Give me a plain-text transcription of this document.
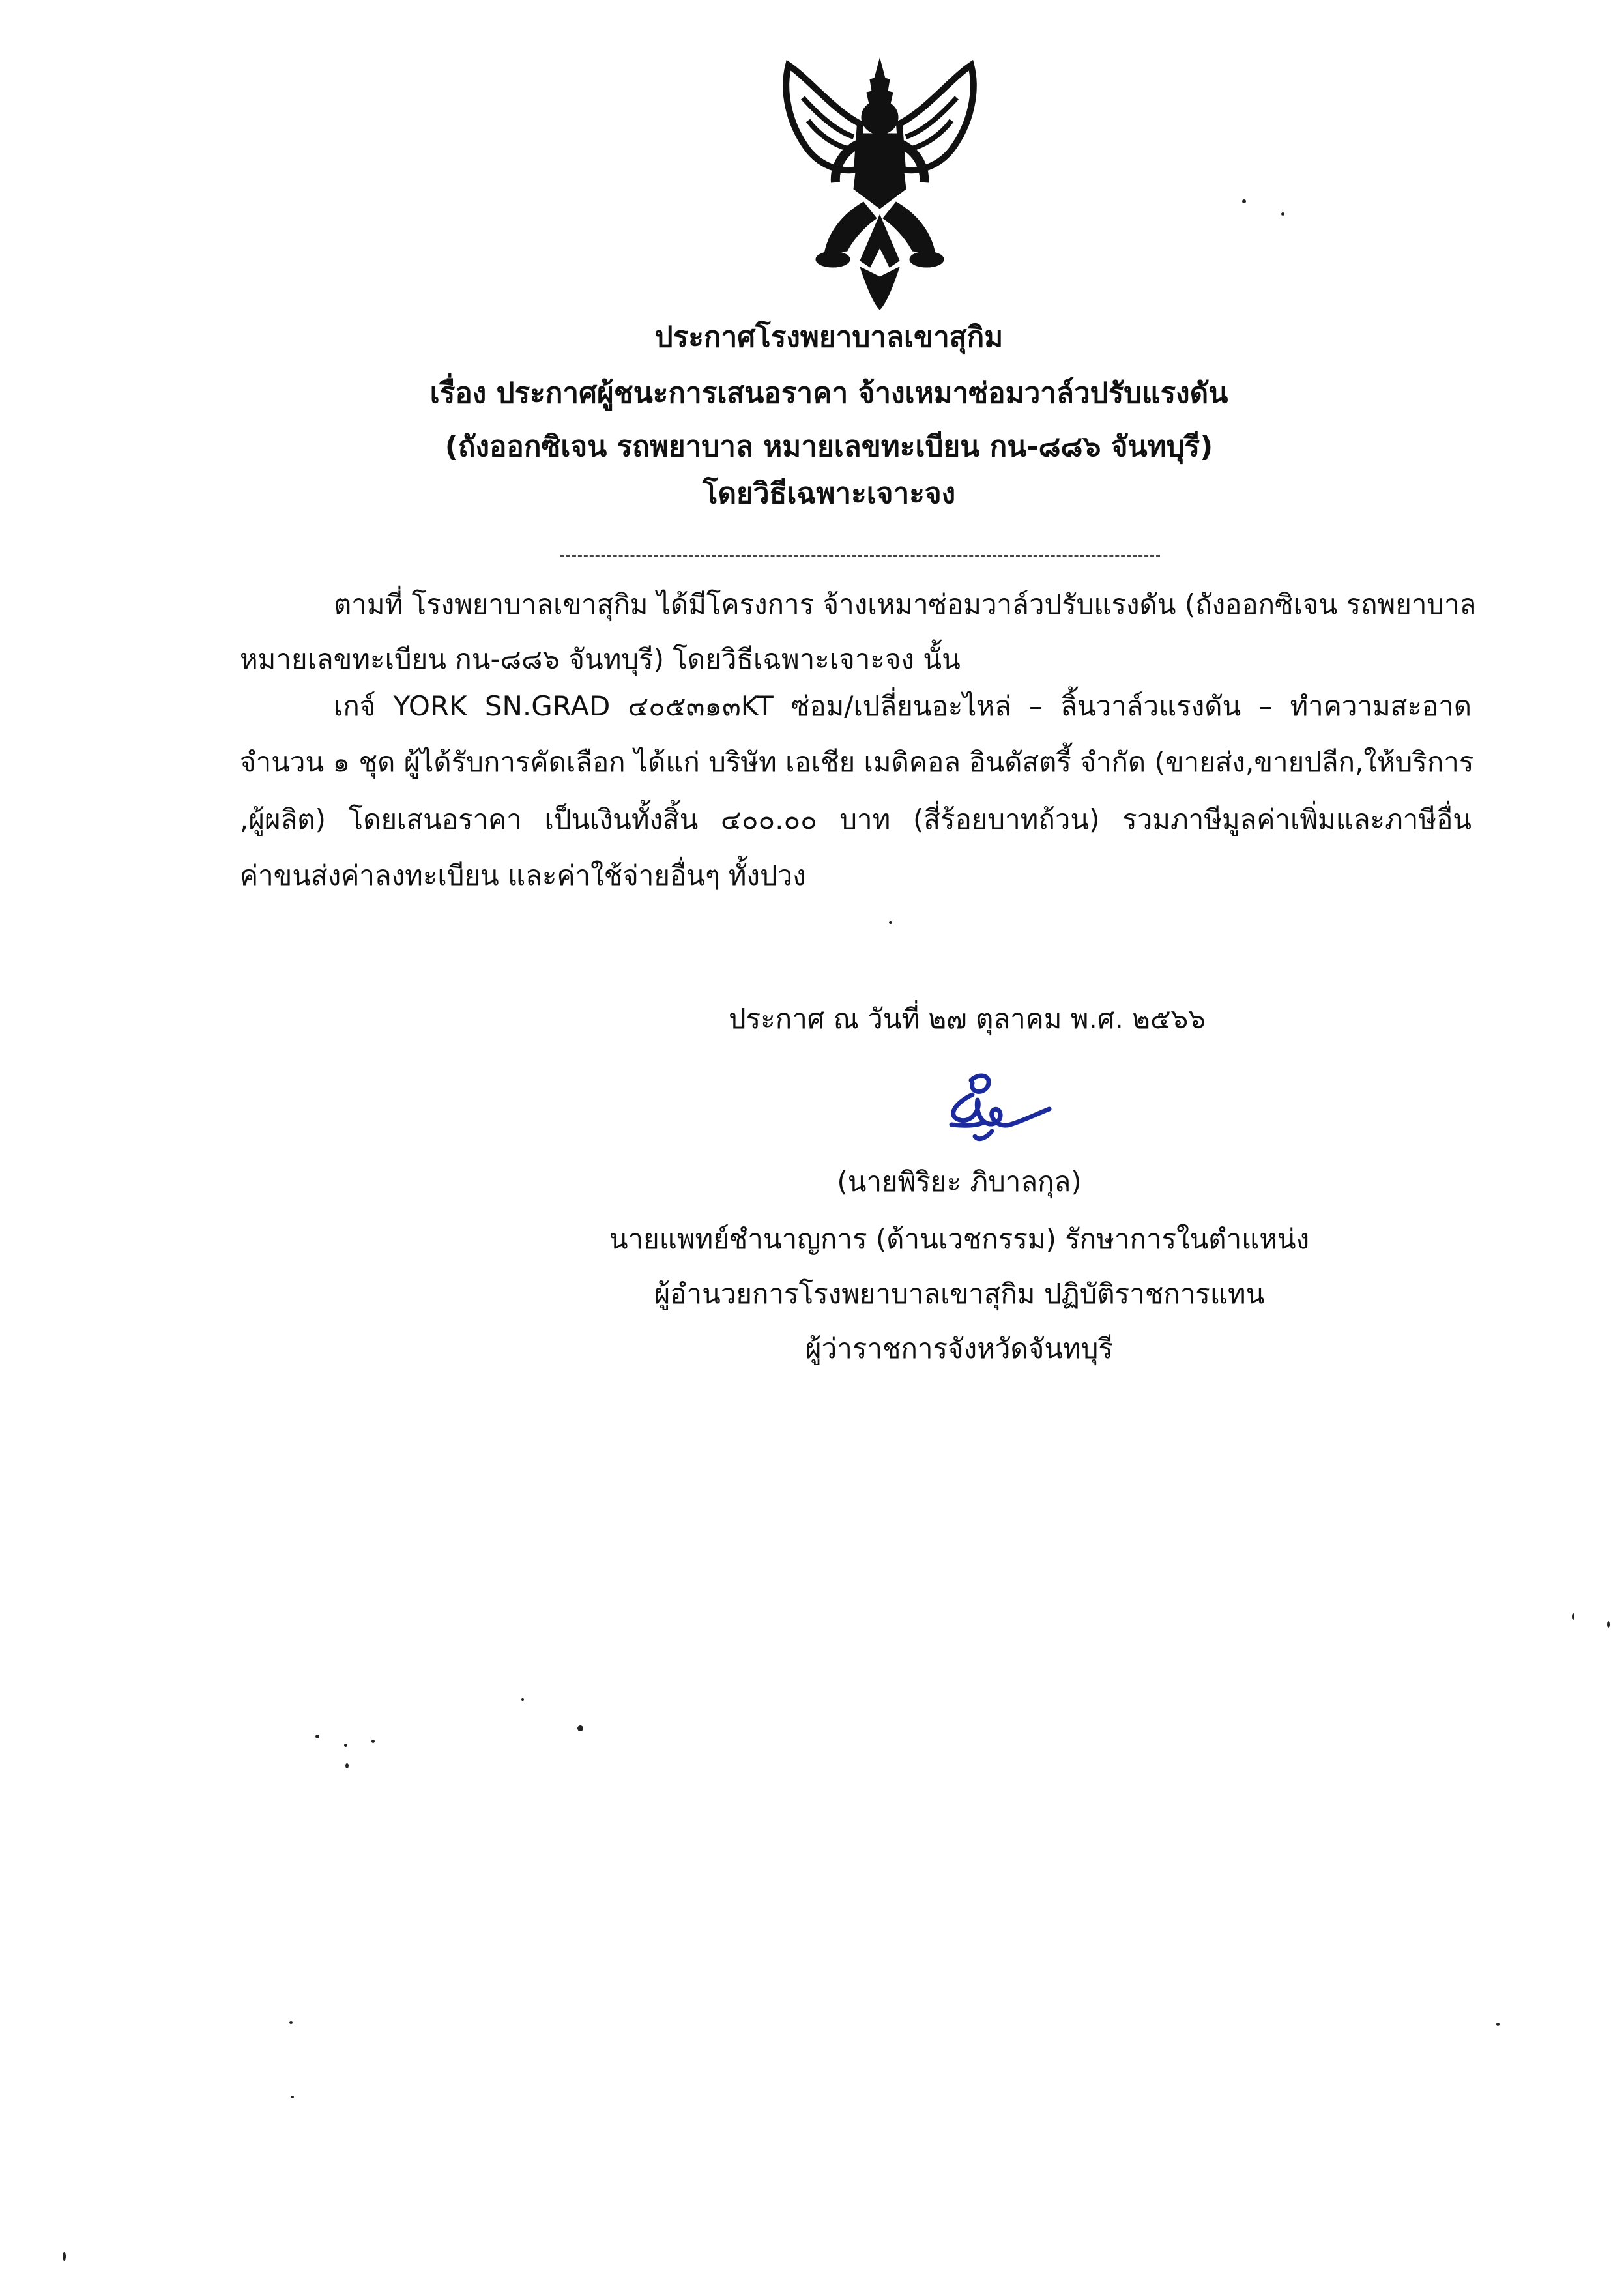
ประกาศโรงพยาบาลเขาสุกิม
เรื่อง ประกาศผู้ชนะการเสนอราคา จ้างเหมาซ่อมวาล์วปรับแรงดัน
(ถังออกซิเจน รถพยาบาล หมายเลขทะเบียน กน-๘๘๖ จันทบุรี)
โดยวิธีเฉพาะเจาะจง
ตามที่ โรงพยาบาลเขาสุกิม ได้มีโครงการ จ้างเหมาซ่อมวาล์วปรับแรงดัน (ถังออกซิเจน รถพยาบาล
หมายเลขทะเบียน กน-๘๘๖ จันทบุรี) โดยวิธีเฉพาะเจาะจง นั้น
เกจ์ YORK SN.GRAD ๔๐๕๓๑๓KT ซ่อม/เปลี่ยนอะไหล่ – ลิ้นวาล์วแรงดัน – ทำความสะอาด
จำนวน ๑ ชุด ผู้ได้รับการคัดเลือก ได้แก่ บริษัท เอเชีย เมดิคอล อินดัสตรี้ จำกัด (ขายส่ง,ขายปลีก,ให้บริการ
,ผู้ผลิต) โดยเสนอราคา เป็นเงินทั้งสิ้น ๔๐๐.๐๐ บาท (สี่ร้อยบาทถ้วน) รวมภาษีมูลค่าเพิ่มและภาษีอื่น
ค่าขนส่งค่าลงทะเบียน และค่าใช้จ่ายอื่นๆ ทั้งปวง
ประกาศ ณ วันที่ ๒๗ ตุลาคม พ.ศ. ๒๕๖๖
(นายพิริยะ ภิบาลกุล)
นายแพทย์ชำนาญการ (ด้านเวชกรรม) รักษาการในตำแหน่ง
ผู้อำนวยการโรงพยาบาลเขาสุกิม ปฏิบัติราชการแทน
ผู้ว่าราชการจังหวัดจันทบุรี
